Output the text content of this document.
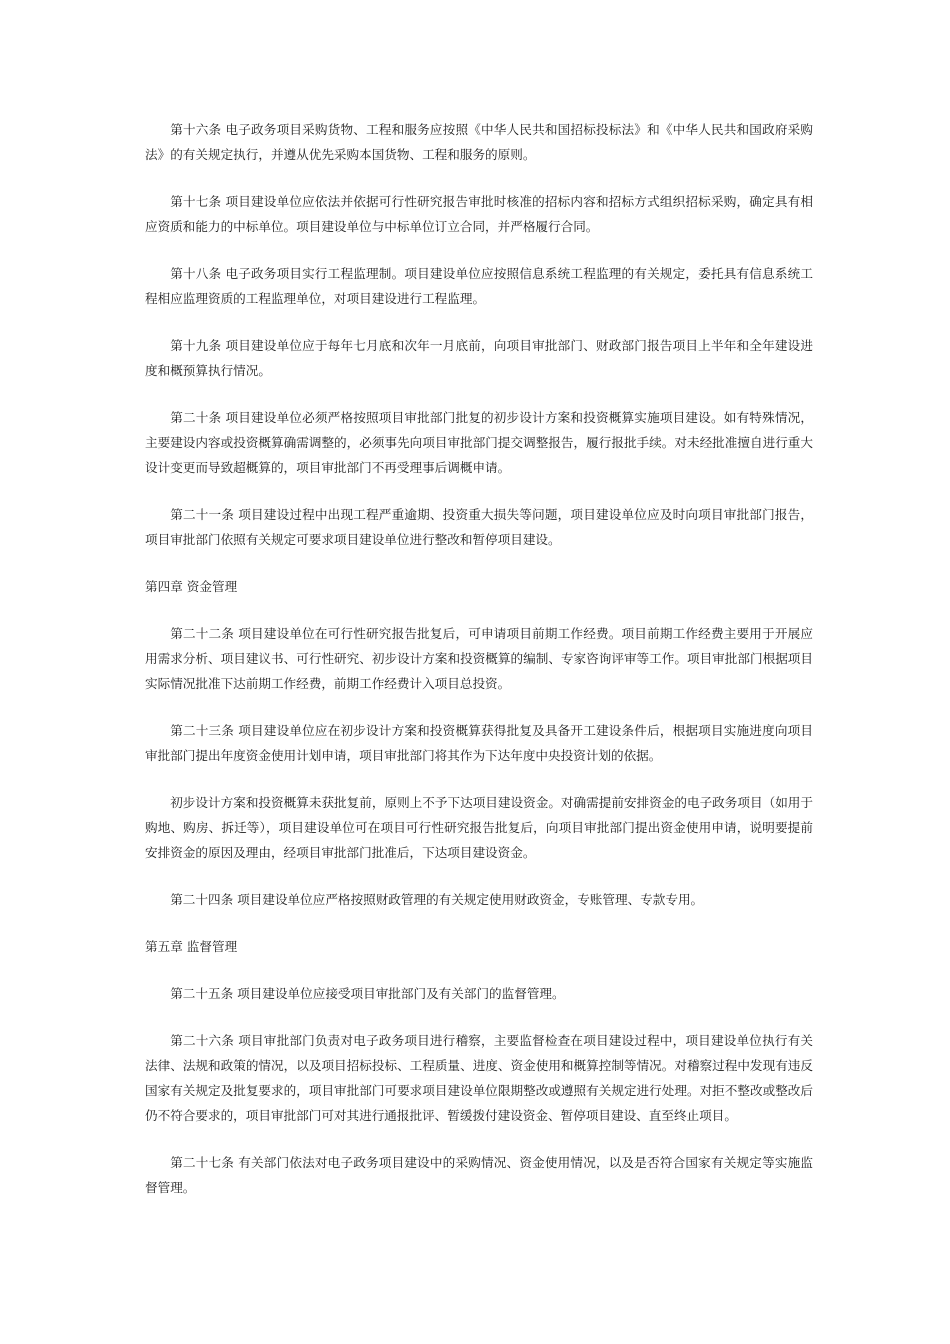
第十六条 电子政务项目采购货物、工程和服务应按照《中华人民共和国招标投标法》和《中华人民共和国政府采购法》的有关规定执行，并遵从优先采购本国货物、工程和服务的原则。

第十七条 项目建设单位应依法并依据可行性研究报告审批时核准的招标内容和招标方式组织招标采购，确定具有相应资质和能力的中标单位。项目建设单位与中标单位订立合同，并严格履行合同。

第十八条 电子政务项目实行工程监理制。项目建设单位应按照信息系统工程监理的有关规定，委托具有信息系统工程相应监理资质的工程监理单位，对项目建设进行工程监理。

第十九条 项目建设单位应于每年七月底和次年一月底前，向项目审批部门、财政部门报告项目上半年和全年建设进度和概预算执行情况。

第二十条 项目建设单位必须严格按照项目审批部门批复的初步设计方案和投资概算实施项目建设。如有特殊情况，主要建设内容或投资概算确需调整的，必须事先向项目审批部门提交调整报告，履行报批手续。对未经批准擅自进行重大设计变更而导致超概算的，项目审批部门不再受理事后调概申请。

第二十一条 项目建设过程中出现工程严重逾期、投资重大损失等问题，项目建设单位应及时向项目审批部门报告，项目审批部门依照有关规定可要求项目建设单位进行整改和暂停项目建设。

第四章 资金管理

第二十二条 项目建设单位在可行性研究报告批复后，可申请项目前期工作经费。项目前期工作经费主要用于开展应用需求分析、项目建议书、可行性研究、初步设计方案和投资概算的编制、专家咨询评审等工作。项目审批部门根据项目实际情况批准下达前期工作经费，前期工作经费计入项目总投资。

第二十三条 项目建设单位应在初步设计方案和投资概算获得批复及具备开工建设条件后，根据项目实施进度向项目审批部门提出年度资金使用计划申请，项目审批部门将其作为下达年度中央投资计划的依据。

初步设计方案和投资概算未获批复前，原则上不予下达项目建设资金。对确需提前安排资金的电子政务项目（如用于购地、购房、拆迁等），项目建设单位可在项目可行性研究报告批复后，向项目审批部门提出资金使用申请，说明要提前安排资金的原因及理由，经项目审批部门批准后，下达项目建设资金。

第二十四条 项目建设单位应严格按照财政管理的有关规定使用财政资金，专账管理、专款专用。

第五章 监督管理

第二十五条 项目建设单位应接受项目审批部门及有关部门的监督管理。

第二十六条 项目审批部门负责对电子政务项目进行稽察，主要监督检查在项目建设过程中，项目建设单位执行有关法律、法规和政策的情况，以及项目招标投标、工程质量、进度、资金使用和概算控制等情况。对稽察过程中发现有违反国家有关规定及批复要求的，项目审批部门可要求项目建设单位限期整改或遵照有关规定进行处理。对拒不整改或整改后仍不符合要求的，项目审批部门可对其进行通报批评、暂缓拨付建设资金、暂停项目建设、直至终止项目。

第二十七条 有关部门依法对电子政务项目建设中的采购情况、资金使用情况，以及是否符合国家有关规定等实施监督管理。
